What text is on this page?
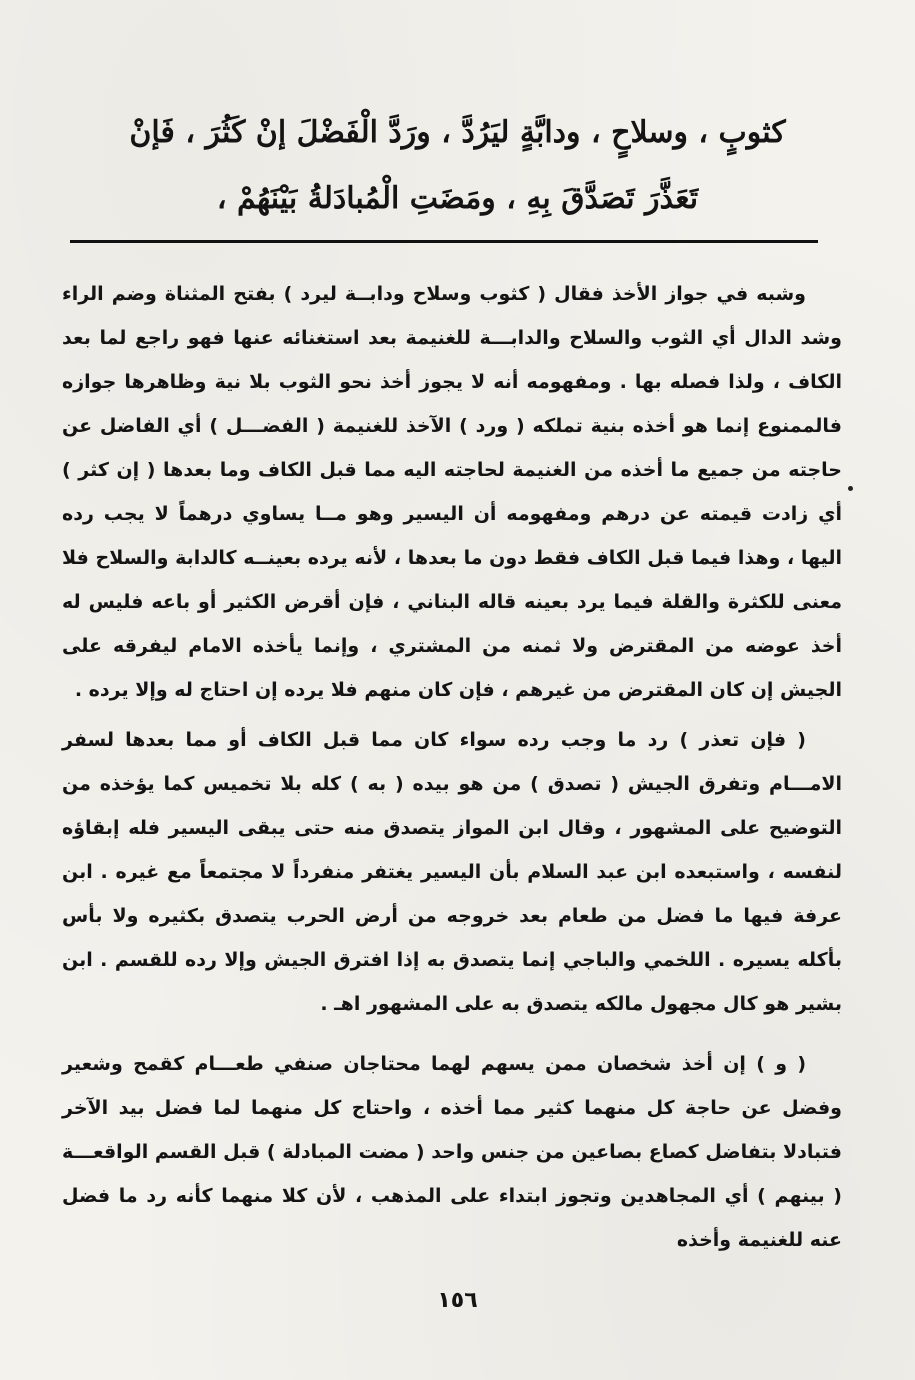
كثوبٍ ، وسلاحٍ ، ودابَّةٍ ليَرُدَّ ، ورَدَّ الْفَضْلَ إنْ كَثُرَ ، فَإنْ
تَعَذَّرَ تَصَدَّقَ بِهِ ، ومَضَتِ الْمُبادَلةُ بَيْنَهُمْ ،

وشبه في جواز الأخذ فقال ( كثوب وسلاح ودابــة ليرد ) بفتح المثناة وضم الراء وشد الدال أي الثوب والسلاح والدابـــة للغنيمة بعد استغنائه عنها فهو راجع لما بعد الكاف ، ولذا فصله بها . ومفهومه أنه لا يجوز أخذ نحو الثوب بلا نية وظاهرها جوازه فالممنوع إنما هو أخذه بنية تملكه ( ورد ) الآخذ للغنيمة ( الفضـــل ) أي الفاضل عن حاجته من جميع ما أخذه من الغنيمة لحاجته اليه مما قبل الكاف وما بعدها ( إن كثر ) أي زادت قيمته عن درهم ومفهومه أن اليسير وهو مــا يساوي درهماً لا يجب رده اليها ، وهذا فيما قبل الكاف فقط دون ما بعدها ، لأنه يرده بعينــه كالدابة والسلاح فلا معنى للكثرة والقلة فيما يرد بعينه قاله البناني ، فإن أقرض الكثير أو باعه فليس له أخذ عوضه من المقترض ولا ثمنه من المشتري ، وإنما يأخذه الامام ليفرقه على الجيش إن كان المقترض من غيرهم ، فإن كان منهم فلا يرده إن احتاج له وإلا يرده .

( فإن تعذر ) رد ما وجب رده سواء كان مما قبل الكاف أو مما بعدها لسفر الامـــام وتفرق الجيش ( تصدق ) من هو بيده ( به ) كله بلا تخميس كما يؤخذه من التوضيح على المشهور ، وقال ابن المواز يتصدق منه حتى يبقى اليسير فله إبقاؤه لنفسه ، واستبعده ابن عبد السلام بأن اليسير يغتفر منفرداً لا مجتمعاً مع غيره . ابن عرفة فيها ما فضل من طعام بعد خروجه من أرض الحرب يتصدق بكثيره ولا بأس بأكله يسيره . اللخمي والباجي إنما يتصدق به إذا افترق الجيش وإلا رده للقسم . ابن بشير هو كال مجهول مالكه يتصدق به على المشهور اهـ .

( و ) إن أخذ شخصان ممن يسهم لهما محتاجان صنفي طعـــام كقمح وشعير وفضل عن حاجة كل منهما كثير مما أخذه ، واحتاج كل منهما لما فضل بيد الآخر فتبادلا بتفاضل كصاع بصاعين من جنس واحد ( مضت المبادلة ) قبل القسم الواقعـــة ( بينهم ) أي المجاهدين وتجوز ابتداء على المذهب ، لأن كلا منهما كأنه رد ما فضل عنه للغنيمة وأخذه

١٥٦
